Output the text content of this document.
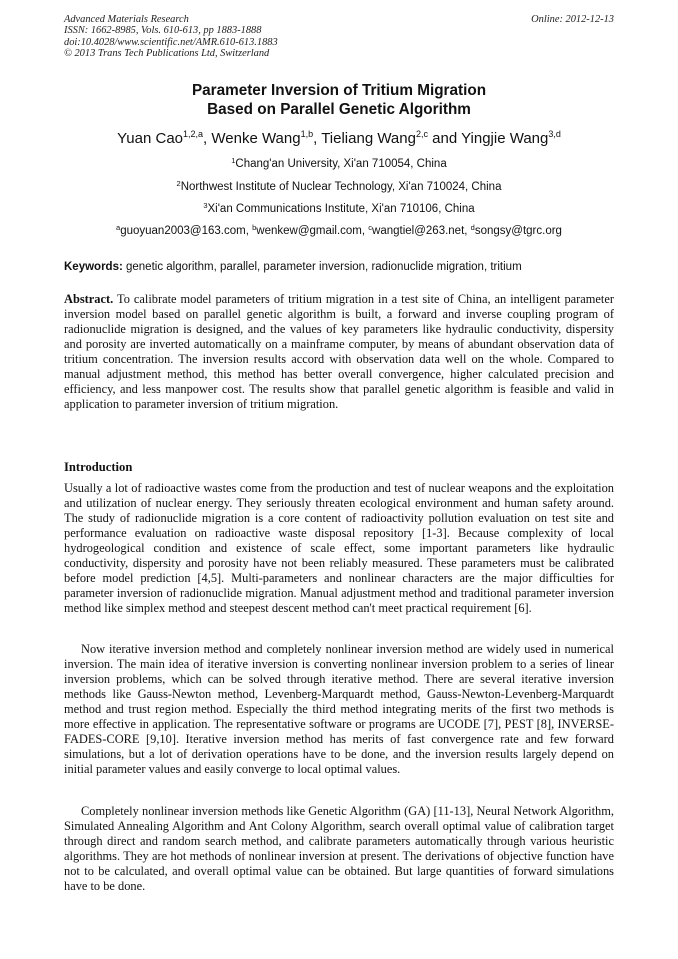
Advanced Materials Research
ISSN: 1662-8985, Vols. 610-613, pp 1883-1888
doi:10.4028/www.scientific.net/AMR.610-613.1883
© 2013 Trans Tech Publications Ltd, Switzerland
Online: 2012-12-13
Parameter Inversion of Tritium Migration
Based on Parallel Genetic Algorithm
Yuan Cao$^{1,2,a}$, Wenke Wang$^{1,b}$, Tieliang Wang$^{2,c}$ and Yingjie Wang$^{3,d}$
$^1$Chang'an University, Xi'an 710054, China
$^2$Northwest Institute of Nuclear Technology, Xi'an 710024, China
$^3$Xi'an Communications Institute, Xi'an 710106, China
$^a$guoyuan2003@163.com, $^b$wenkew@gmail.com, $^c$wangtiel@263.net, $^d$songsy@tgrc.org
Keywords: genetic algorithm, parallel, parameter inversion, radionuclide migration, tritium
Abstract. To calibrate model parameters of tritium migration in a test site of China, an intelligent parameter inversion model based on parallel genetic algorithm is built, a forward and inverse coupling program of radionuclide migration is designed, and the values of key parameters like hydraulic conductivity, dispersity and porosity are inverted automatically on a mainframe computer, by means of abundant observation data of tritium concentration. The inversion results accord with observation data well on the whole. Compared to manual adjustment method, this method has better overall convergence, higher calculated precision and efficiency, and less manpower cost. The results show that parallel genetic algorithm is feasible and valid in application to parameter inversion of tritium migration.
Introduction
Usually a lot of radioactive wastes come from the production and test of nuclear weapons and the exploitation and utilization of nuclear energy. They seriously threaten ecological environment and human safety around. The study of radionuclide migration is a core content of radioactivity pollution evaluation on test site and performance evaluation on radioactive waste disposal repository [1-3]. Because complexity of local hydrogeological condition and existence of scale effect, some important parameters like hydraulic conductivity, dispersity and porosity have not been reliably measured. These parameters must be calibrated before model prediction [4,5]. Multi-parameters and nonlinear characters are the major difficulties for parameter inversion of radionuclide migration. Manual adjustment method and traditional parameter inversion method like simplex method and steepest descent method can't meet practical requirement [6].
Now iterative inversion method and completely nonlinear inversion method are widely used in numerical inversion. The main idea of iterative inversion is converting nonlinear inversion problem to a series of linear inversion problems, which can be solved through iterative method. There are several iterative inversion methods like Gauss-Newton method, Levenberg-Marquardt method, Gauss-Newton-Levenberg-Marquardt method and trust region method. Especially the third method integrating merits of the first two methods is more effective in application. The representative software or programs are UCODE [7], PEST [8], INVERSE-FADES-CORE [9,10]. Iterative inversion method has merits of fast convergence rate and few forward simulations, but a lot of derivation operations have to be done, and the inversion results largely depend on initial parameter values and easily converge to local optimal values.
Completely nonlinear inversion methods like Genetic Algorithm (GA) [11-13], Neural Network Algorithm, Simulated Annealing Algorithm and Ant Colony Algorithm, search overall optimal value of calibration target through direct and random search method, and calibrate parameters automatically through various heuristic algorithms. They are hot methods of nonlinear inversion at present. The derivations of objective function have not to be calculated, and overall optimal value can be obtained. But large quantities of forward simulations have to be done.
